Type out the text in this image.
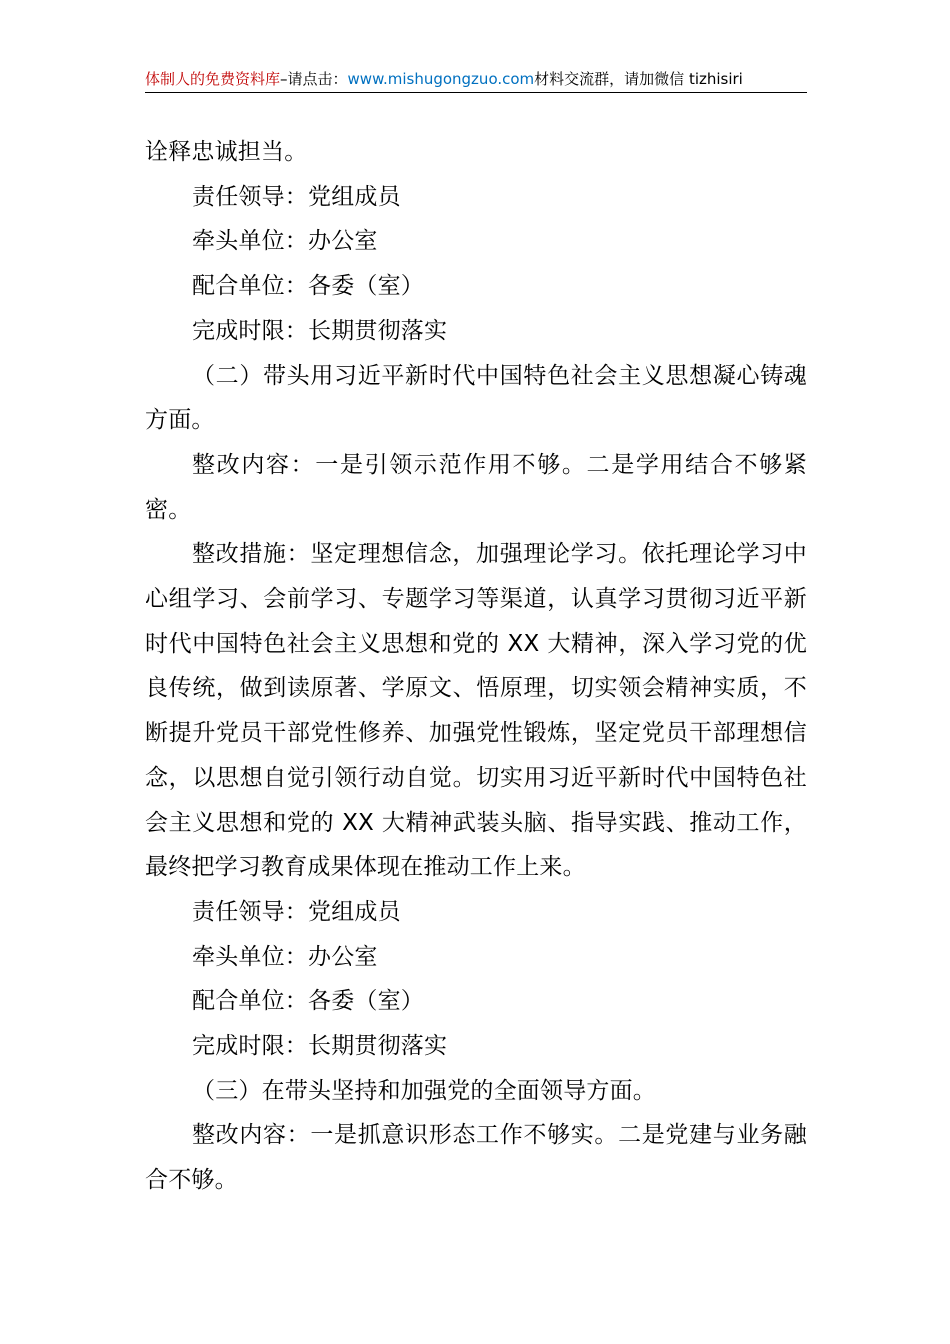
体制人的免费资料库–请点击：www.mishugongzuo.com材料交流群，请加微信 tizhisiri

诠释忠诚担当。

责任领导：党组成员

牵头单位：办公室

配合单位：各委（室）

完成时限：长期贯彻落实

（二）带头用习近平新时代中国特色社会主义思想凝心铸魂方面。

整改内容：一是引领示范作用不够。二是学用结合不够紧密。

整改措施：坚定理想信念，加强理论学习。依托理论学习中心组学习、会前学习、专题学习等渠道，认真学习贯彻习近平新时代中国特色社会主义思想和党的 XX 大精神，深入学习党的优良传统，做到读原著、学原文、悟原理，切实领会精神实质，不断提升党员干部党性修养、加强党性锻炼，坚定党员干部理想信念，以思想自觉引领行动自觉。切实用习近平新时代中国特色社会主义思想和党的 XX 大精神武装头脑、指导实践、推动工作，最终把学习教育成果体现在推动工作上来。

责任领导：党组成员

牵头单位：办公室

配合单位：各委（室）

完成时限：长期贯彻落实

（三）在带头坚持和加强党的全面领导方面。

整改内容：一是抓意识形态工作不够实。二是党建与业务融合不够。
